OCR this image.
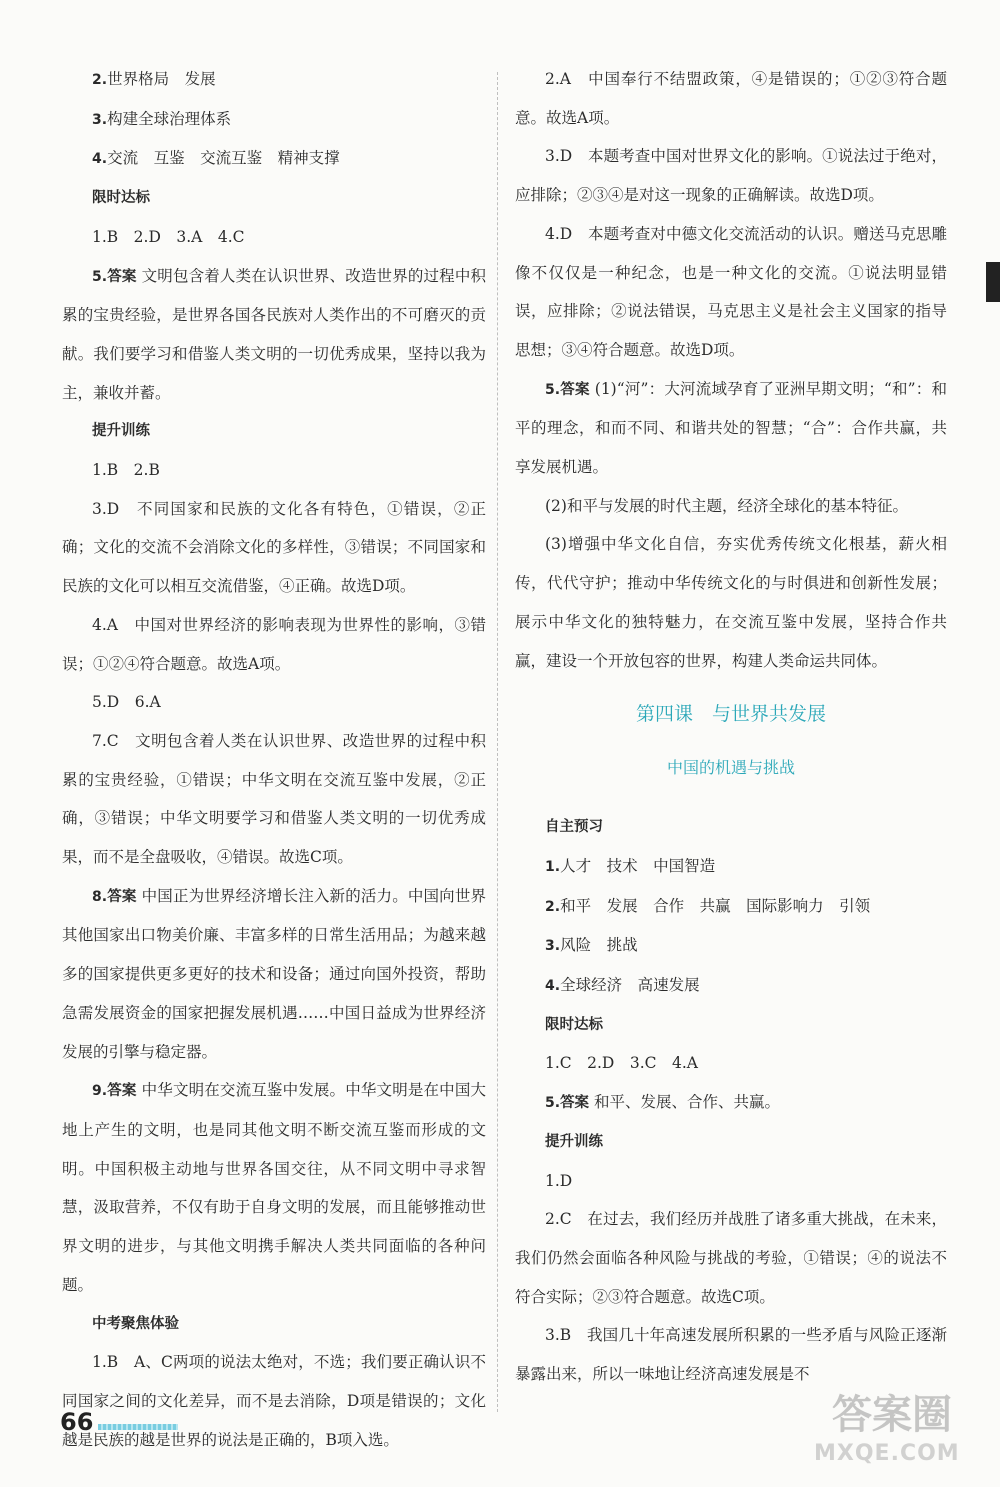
2.世界格局　发展

3.构建全球治理体系

4.交流　互鉴　交流互鉴　精神支撑

限时达标

1.B　2.D　3.A　4.C

5.答案 文明包含着人类在认识世界、改造世界的过程中积累的宝贵经验，是世界各国各民族对人类作出的不可磨灭的贡献。我们要学习和借鉴人类文明的一切优秀成果，坚持以我为主，兼收并蓄。

提升训练

1.B　2.B

3.D　不同国家和民族的文化各有特色，①错误，②正确；文化的交流不会消除文化的多样性，③错误；不同国家和民族的文化可以相互交流借鉴，④正确。故选D项。

4.A　中国对世界经济的影响表现为世界性的影响，③错误；①②④符合题意。故选A项。

5.D　6.A

7.C　文明包含着人类在认识世界、改造世界的过程中积累的宝贵经验，①错误；中华文明在交流互鉴中发展，②正确，③错误；中华文明要学习和借鉴人类文明的一切优秀成果，而不是全盘吸收，④错误。故选C项。

8.答案 中国正为世界经济增长注入新的活力。中国向世界其他国家出口物美价廉、丰富多样的日常生活用品；为越来越多的国家提供更多更好的技术和设备；通过向国外投资，帮助急需发展资金的国家把握发展机遇……中国日益成为世界经济发展的引擎与稳定器。

9.答案 中华文明在交流互鉴中发展。中华文明是在中国大地上产生的文明，也是同其他文明不断交流互鉴而形成的文明。中国积极主动地与世界各国交往，从不同文明中寻求智慧，汲取营养，不仅有助于自身文明的发展，而且能够推动世界文明的进步，与其他文明携手解决人类共同面临的各种问题。

中考聚焦体验

1.B　A、C两项的说法太绝对，不选；我们要正确认识不同国家之间的文化差异，而不是去消除，D项是错误的；文化越是民族的越是世界的说法是正确的，B项入选。

2.A　中国奉行不结盟政策，④是错误的；①②③符合题意。故选A项。

3.D　本题考查中国对世界文化的影响。①说法过于绝对，应排除；②③④是对这一现象的正确解读。故选D项。

4.D　本题考查对中德文化交流活动的认识。赠送马克思雕像不仅仅是一种纪念，也是一种文化的交流。①说法明显错误，应排除；②说法错误，马克思主义是社会主义国家的指导思想；③④符合题意。故选D项。

5.答案 (1)“河”：大河流域孕育了亚洲早期文明；“和”：和平的理念，和而不同、和谐共处的智慧；“合”：合作共赢，共享发展机遇。

(2)和平与发展的时代主题，经济全球化的基本特征。

(3)增强中华文化自信，夯实优秀传统文化根基，薪火相传，代代守护；推动中华传统文化的与时俱进和创新性发展；展示中华文化的独特魅力，在交流互鉴中发展，坚持合作共赢，建设一个开放包容的世界，构建人类命运共同体。

第四课　与世界共发展
中国的机遇与挑战

自主预习

1.人才　技术　中国智造

2.和平　发展　合作　共赢　国际影响力　引领

3.风险　挑战

4.全球经济　高速发展

限时达标

1.C　2.D　3.C　4.A

5.答案 和平、发展、合作、共赢。

提升训练

1.D

2.C　在过去，我们经历并战胜了诸多重大挑战，在未来，我们仍然会面临各种风险与挑战的考验，①错误；④的说法不符合实际；②③符合题意。故选C项。

3.B　我国几十年高速发展所积累的一些矛盾与风险正逐渐暴露出来，所以一味地让经济高速发展是不

66	答案圈
MXQE.COM
